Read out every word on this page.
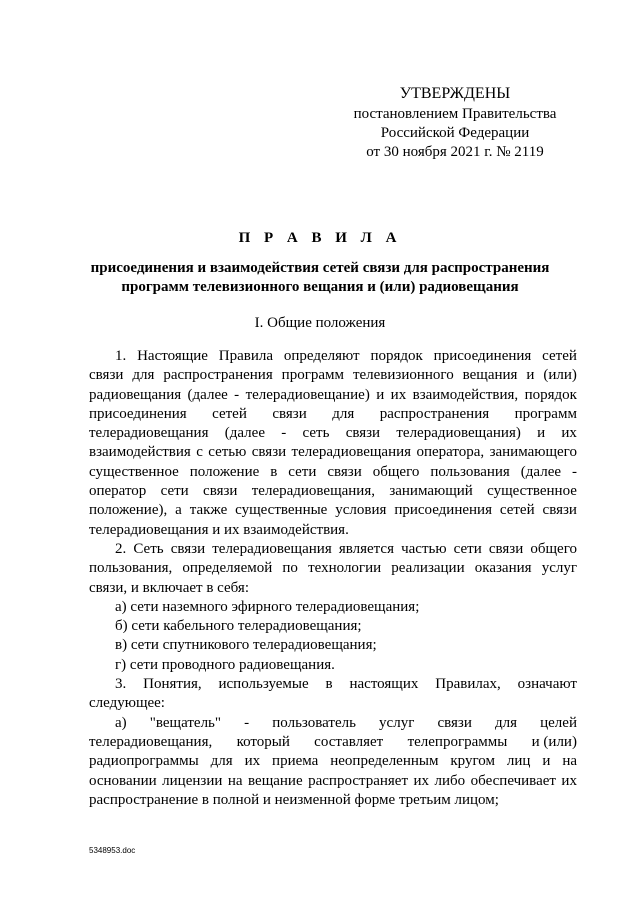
УТВЕРЖДЕНЫ
постановлением Правительства
Российской Федерации
от 30 ноября 2021 г. № 2119
П Р А В И Л А
присоединения и взаимодействия сетей связи для распространения
программ телевизионного вещания и (или) радиовещания
I. Общие положения
1. Настоящие Правила определяют порядок присоединения сетей
связи для распространения программ телевизионного вещания и (или)
радиовещания (далее - телерадиовещание) и их взаимодействия, порядок
присоединения сетей связи для распространения программ
телерадиовещания (далее - сеть связи телерадиовещания) и их
взаимодействия с сетью связи телерадиовещания оператора, занимающего
существенное положение в сети связи общего пользования (далее -
оператор сети связи телерадиовещания, занимающий существенное
положение), а также существенные условия присоединения сетей связи
телерадиовещания и их взаимодействия.
2. Сеть связи телерадиовещания является частью сети связи общего
пользования, определяемой по технологии реализации оказания услуг
связи, и включает в себя:
а) сети наземного эфирного телерадиовещания;
б) сети кабельного телерадиовещания;
в) сети спутникового телерадиовещания;
г) сети проводного радиовещания.
3. Понятия, используемые в настоящих Правилах, означают
следующее:
а) "вещатель" - пользователь услуг связи для целей
телерадиовещания, который составляет телепрограммы и (или)
радиопрограммы для их приема неопределенным кругом лиц и на
основании лицензии на вещание распространяет их либо обеспечивает их
распространение в полной и неизменной форме третьим лицом;
5348953.doc
